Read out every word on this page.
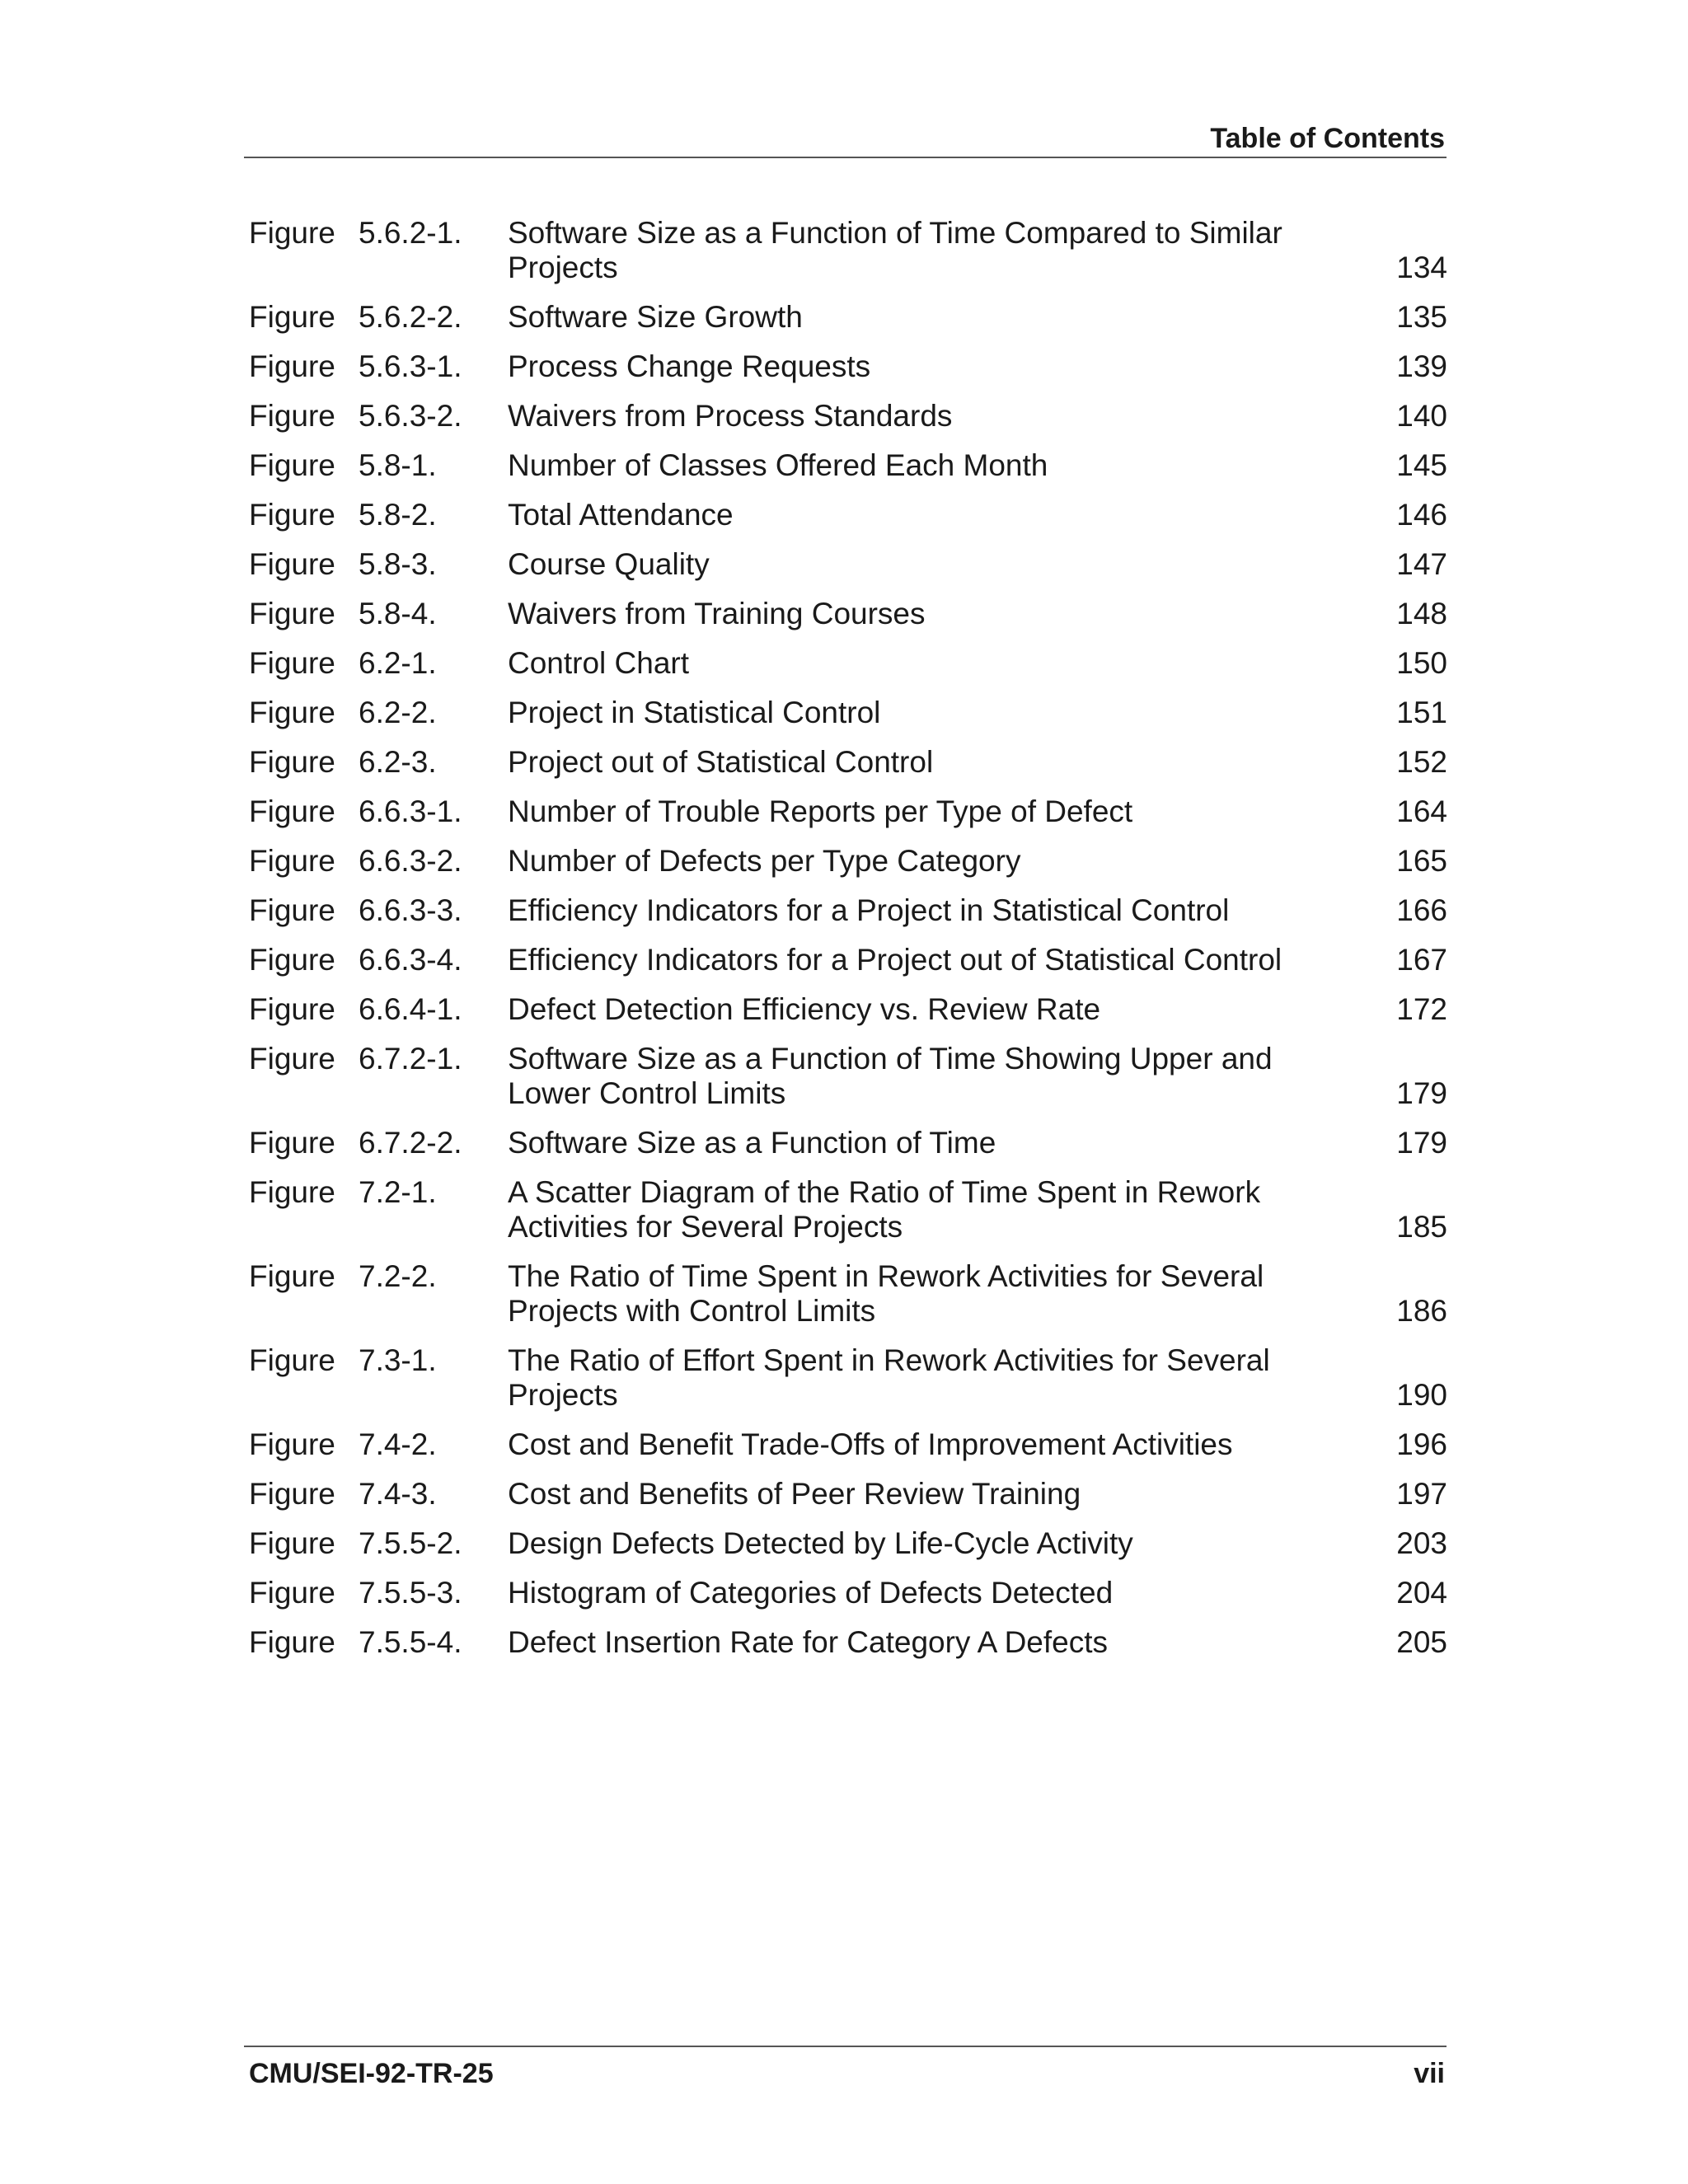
Table of Contents
Figure 5.6.2-1.	Software Size as a Function of Time Compared to Similar
Projects	134
Figure 5.6.2-2.	Software Size Growth	135
Figure 5.6.3-1.	Process Change Requests	139
Figure 5.6.3-2.	Waivers from Process Standards	140
Figure 5.8-1.	Number of Classes Offered Each Month	145
Figure 5.8-2.	Total Attendance	146
Figure 5.8-3.	Course Quality	147
Figure 5.8-4.	Waivers from Training Courses	148
Figure 6.2-1.	Control Chart	150
Figure 6.2-2.	Project in Statistical Control	151
Figure 6.2-3.	Project out of Statistical Control	152
Figure 6.6.3-1.	Number of Trouble Reports per Type of Defect	164
Figure 6.6.3-2.	Number of Defects per Type Category	165
Figure 6.6.3-3.	Efficiency Indicators for a Project in Statistical Control	166
Figure 6.6.3-4.	Efficiency Indicators for a Project out of Statistical Control	167
Figure 6.6.4-1.	Defect Detection Efficiency vs. Review Rate	172
Figure 6.7.2-1.	Software Size as a Function of Time Showing Upper and
Lower Control Limits	179
Figure 6.7.2-2.	Software Size as a Function of Time	179
Figure 7.2-1.	A Scatter Diagram of the Ratio of Time Spent in Rework
Activities for Several Projects	185
Figure 7.2-2.	The Ratio of Time Spent in Rework Activities for Several
Projects with Control Limits	186
Figure 7.3-1.	The Ratio of Effort Spent in Rework Activities for Several
Projects	190
Figure 7.4-2.	Cost and Benefit Trade-Offs of Improvement Activities	196
Figure 7.4-3.	Cost and Benefits of Peer Review Training	197
Figure 7.5.5-2.	Design Defects Detected by Life-Cycle Activity	203
Figure 7.5.5-3.	Histogram of Categories of Defects Detected	204
Figure 7.5.5-4.	Defect Insertion Rate for Category A Defects	205
CMU/SEI-92-TR-25	vii
